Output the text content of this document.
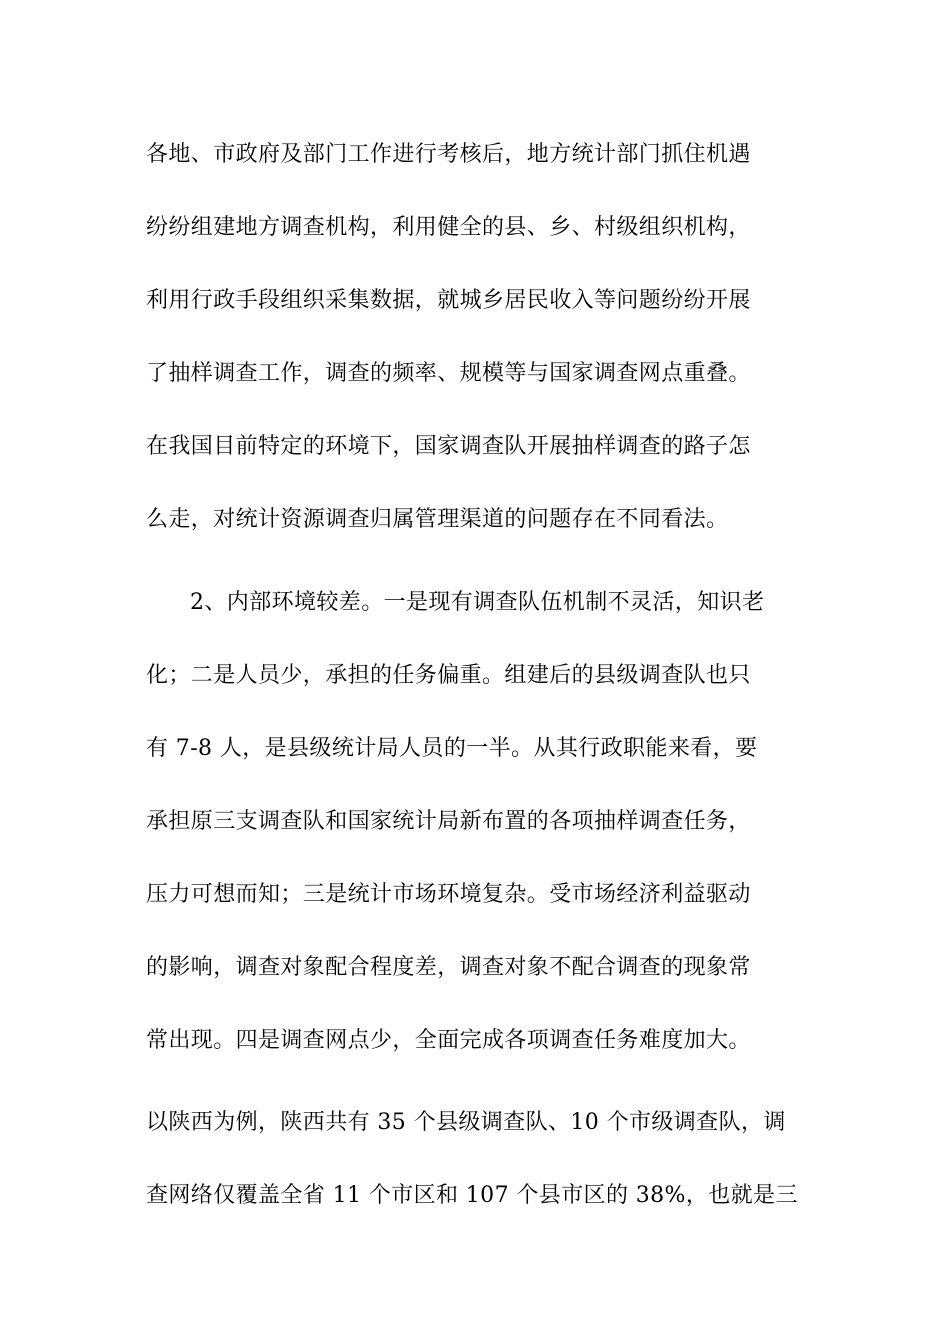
各地、市政府及部门工作进行考核后，地方统计部门抓住机遇
纷纷组建地方调查机构，利用健全的县、乡、村级组织机构，
利用行政手段组织采集数据，就城乡居民收入等问题纷纷开展
了抽样调查工作，调查的频率、规模等与国家调查网点重叠。
在我国目前特定的环境下，国家调查队开展抽样调查的路子怎
么走，对统计资源调查归属管理渠道的问题存在不同看法。
2、内部环境较差。一是现有调查队伍机制不灵活，知识老
化；二是人员少，承担的任务偏重。组建后的县级调查队也只
有 7-8 人，是县级统计局人员的一半。从其行政职能来看，要
承担原三支调查队和国家统计局新布置的各项抽样调查任务，
压力可想而知；三是统计市场环境复杂。受市场经济利益驱动
的影响，调查对象配合程度差，调查对象不配合调查的现象常
常出现。四是调查网点少，全面完成各项调查任务难度加大。
以陕西为例，陕西共有 35 个县级调查队、10 个市级调查队，调
查网络仅覆盖全省 11 个市区和 107 个县市区的 38%，也就是三
